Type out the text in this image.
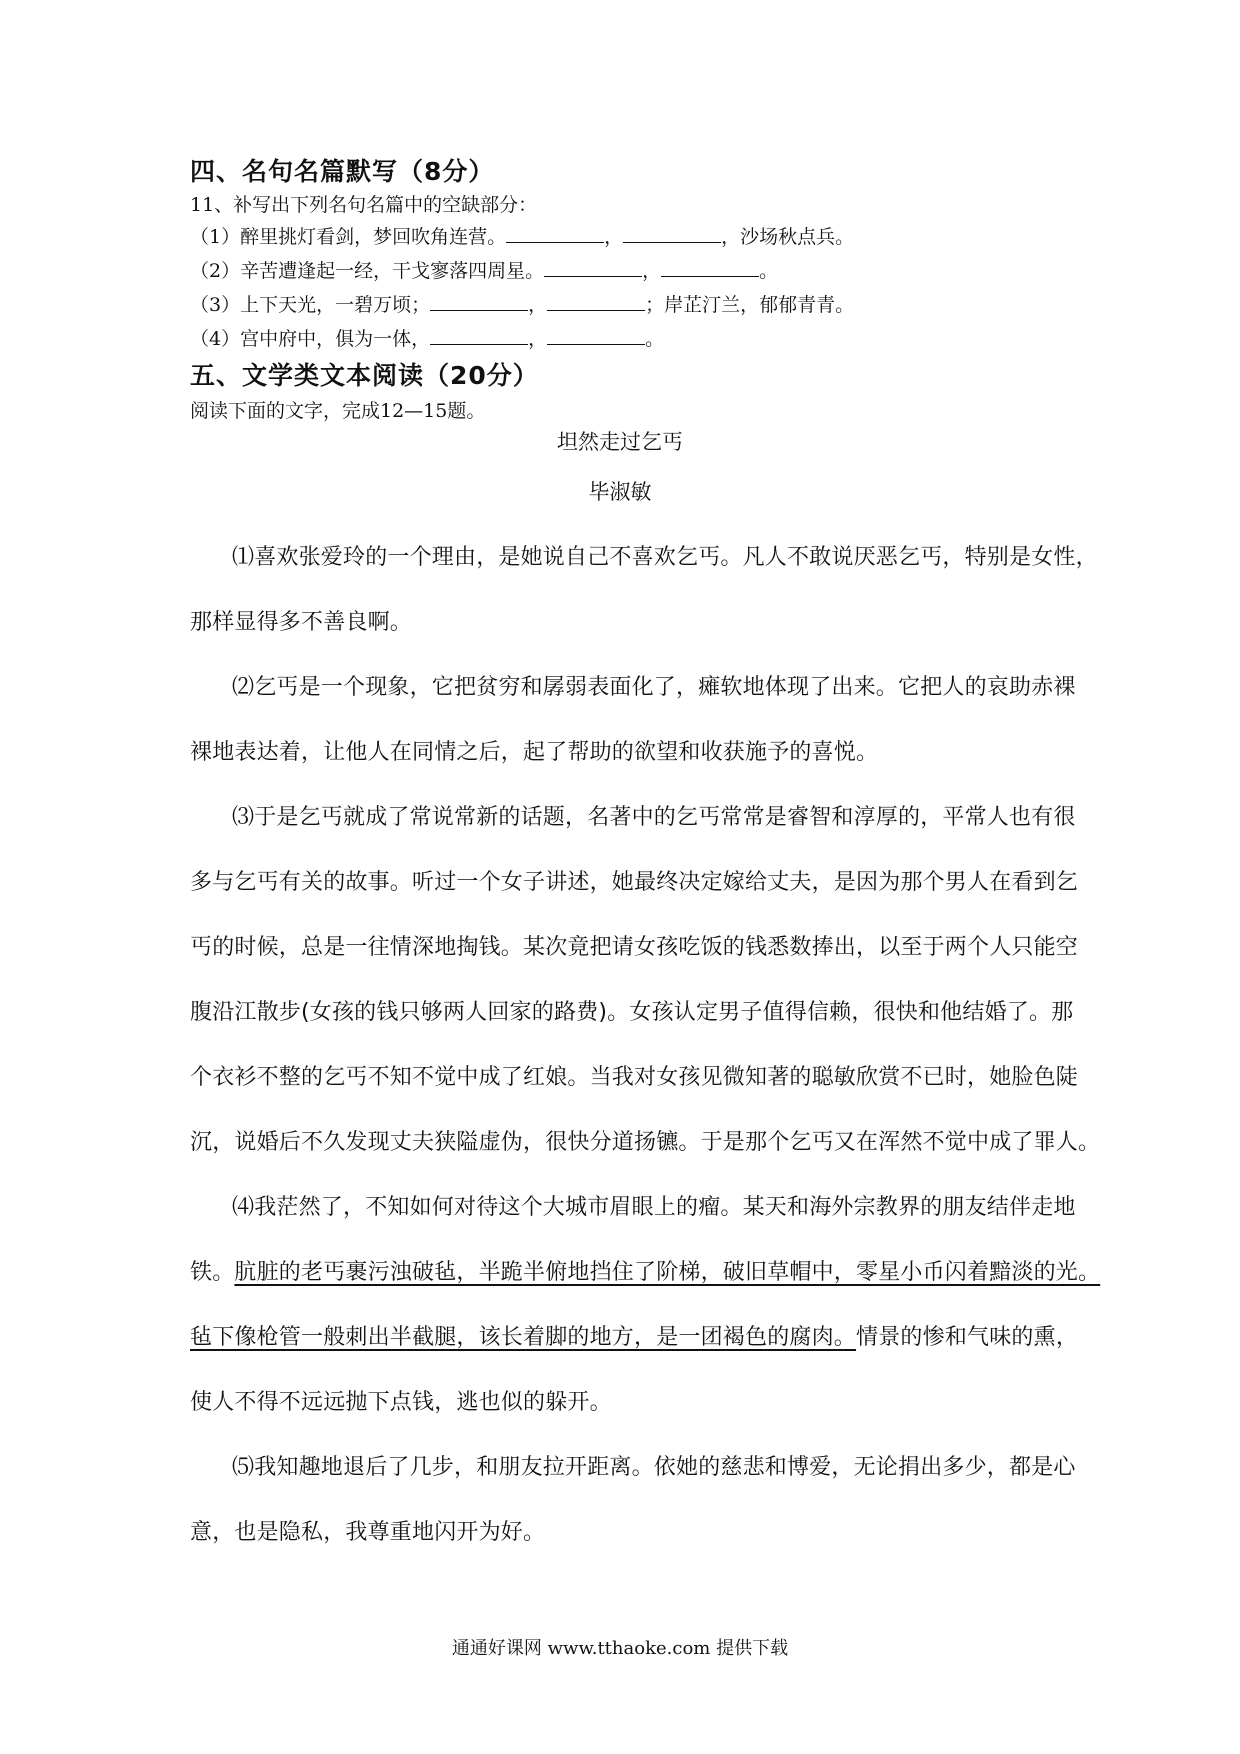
四、名句名篇默写（8分）
11、补写出下列名句名篇中的空缺部分：
（1）醉里挑灯看剑，梦回吹角连营。	，	，沙场秋点兵。
（2）辛苦遭逢起一经，干戈寥落四周星。	，	。
（3）上下天光，一碧万顷；	，	；岸芷汀兰，郁郁青青。
（4）宫中府中，俱为一体，	，	。
五、文学类文本阅读（20分）
阅读下面的文字，完成12—15题。
坦然走过乞丐
毕淑敏
⑴喜欢张爱玲的一个理由，是她说自己不喜欢乞丐。凡人不敢说厌恶乞丐，特别是女性，
那样显得多不善良啊。
⑵乞丐是一个现象，它把贫穷和孱弱表面化了，瘫软地体现了出来。它把人的哀助赤裸
裸地表达着，让他人在同情之后，起了帮助的欲望和收获施予的喜悦。
⑶于是乞丐就成了常说常新的话题，名著中的乞丐常常是睿智和淳厚的，平常人也有很
多与乞丐有关的故事。听过一个女子讲述，她最终决定嫁给丈夫，是因为那个男人在看到乞
丐的时候，总是一往情深地掏钱。某次竟把请女孩吃饭的钱悉数捧出，以至于两个人只能空
腹沿江散步(女孩的钱只够两人回家的路费)。女孩认定男子值得信赖，很快和他结婚了。那
个衣衫不整的乞丐不知不觉中成了红娘。当我对女孩见微知著的聪敏欣赏不已时，她脸色陡
沉，说婚后不久发现丈夫狭隘虚伪，很快分道扬镳。于是那个乞丐又在浑然不觉中成了罪人。
⑷我茫然了，不知如何对待这个大城市眉眼上的瘤。某天和海外宗教界的朋友结伴走地
铁。肮脏的老丐裹污浊破毡，半跪半俯地挡住了阶梯，破旧草帽中，零星小币闪着黯淡的光。
毡下像枪管一般刺出半截腿，该长着脚的地方，是一团褐色的腐肉。情景的惨和气味的熏，
使人不得不远远抛下点钱，逃也似的躲开。
⑸我知趣地退后了几步，和朋友拉开距离。依她的慈悲和博爱，无论捐出多少，都是心
意，也是隐私，我尊重地闪开为好。
通通好课网 www.tthaoke.com 提供下载
